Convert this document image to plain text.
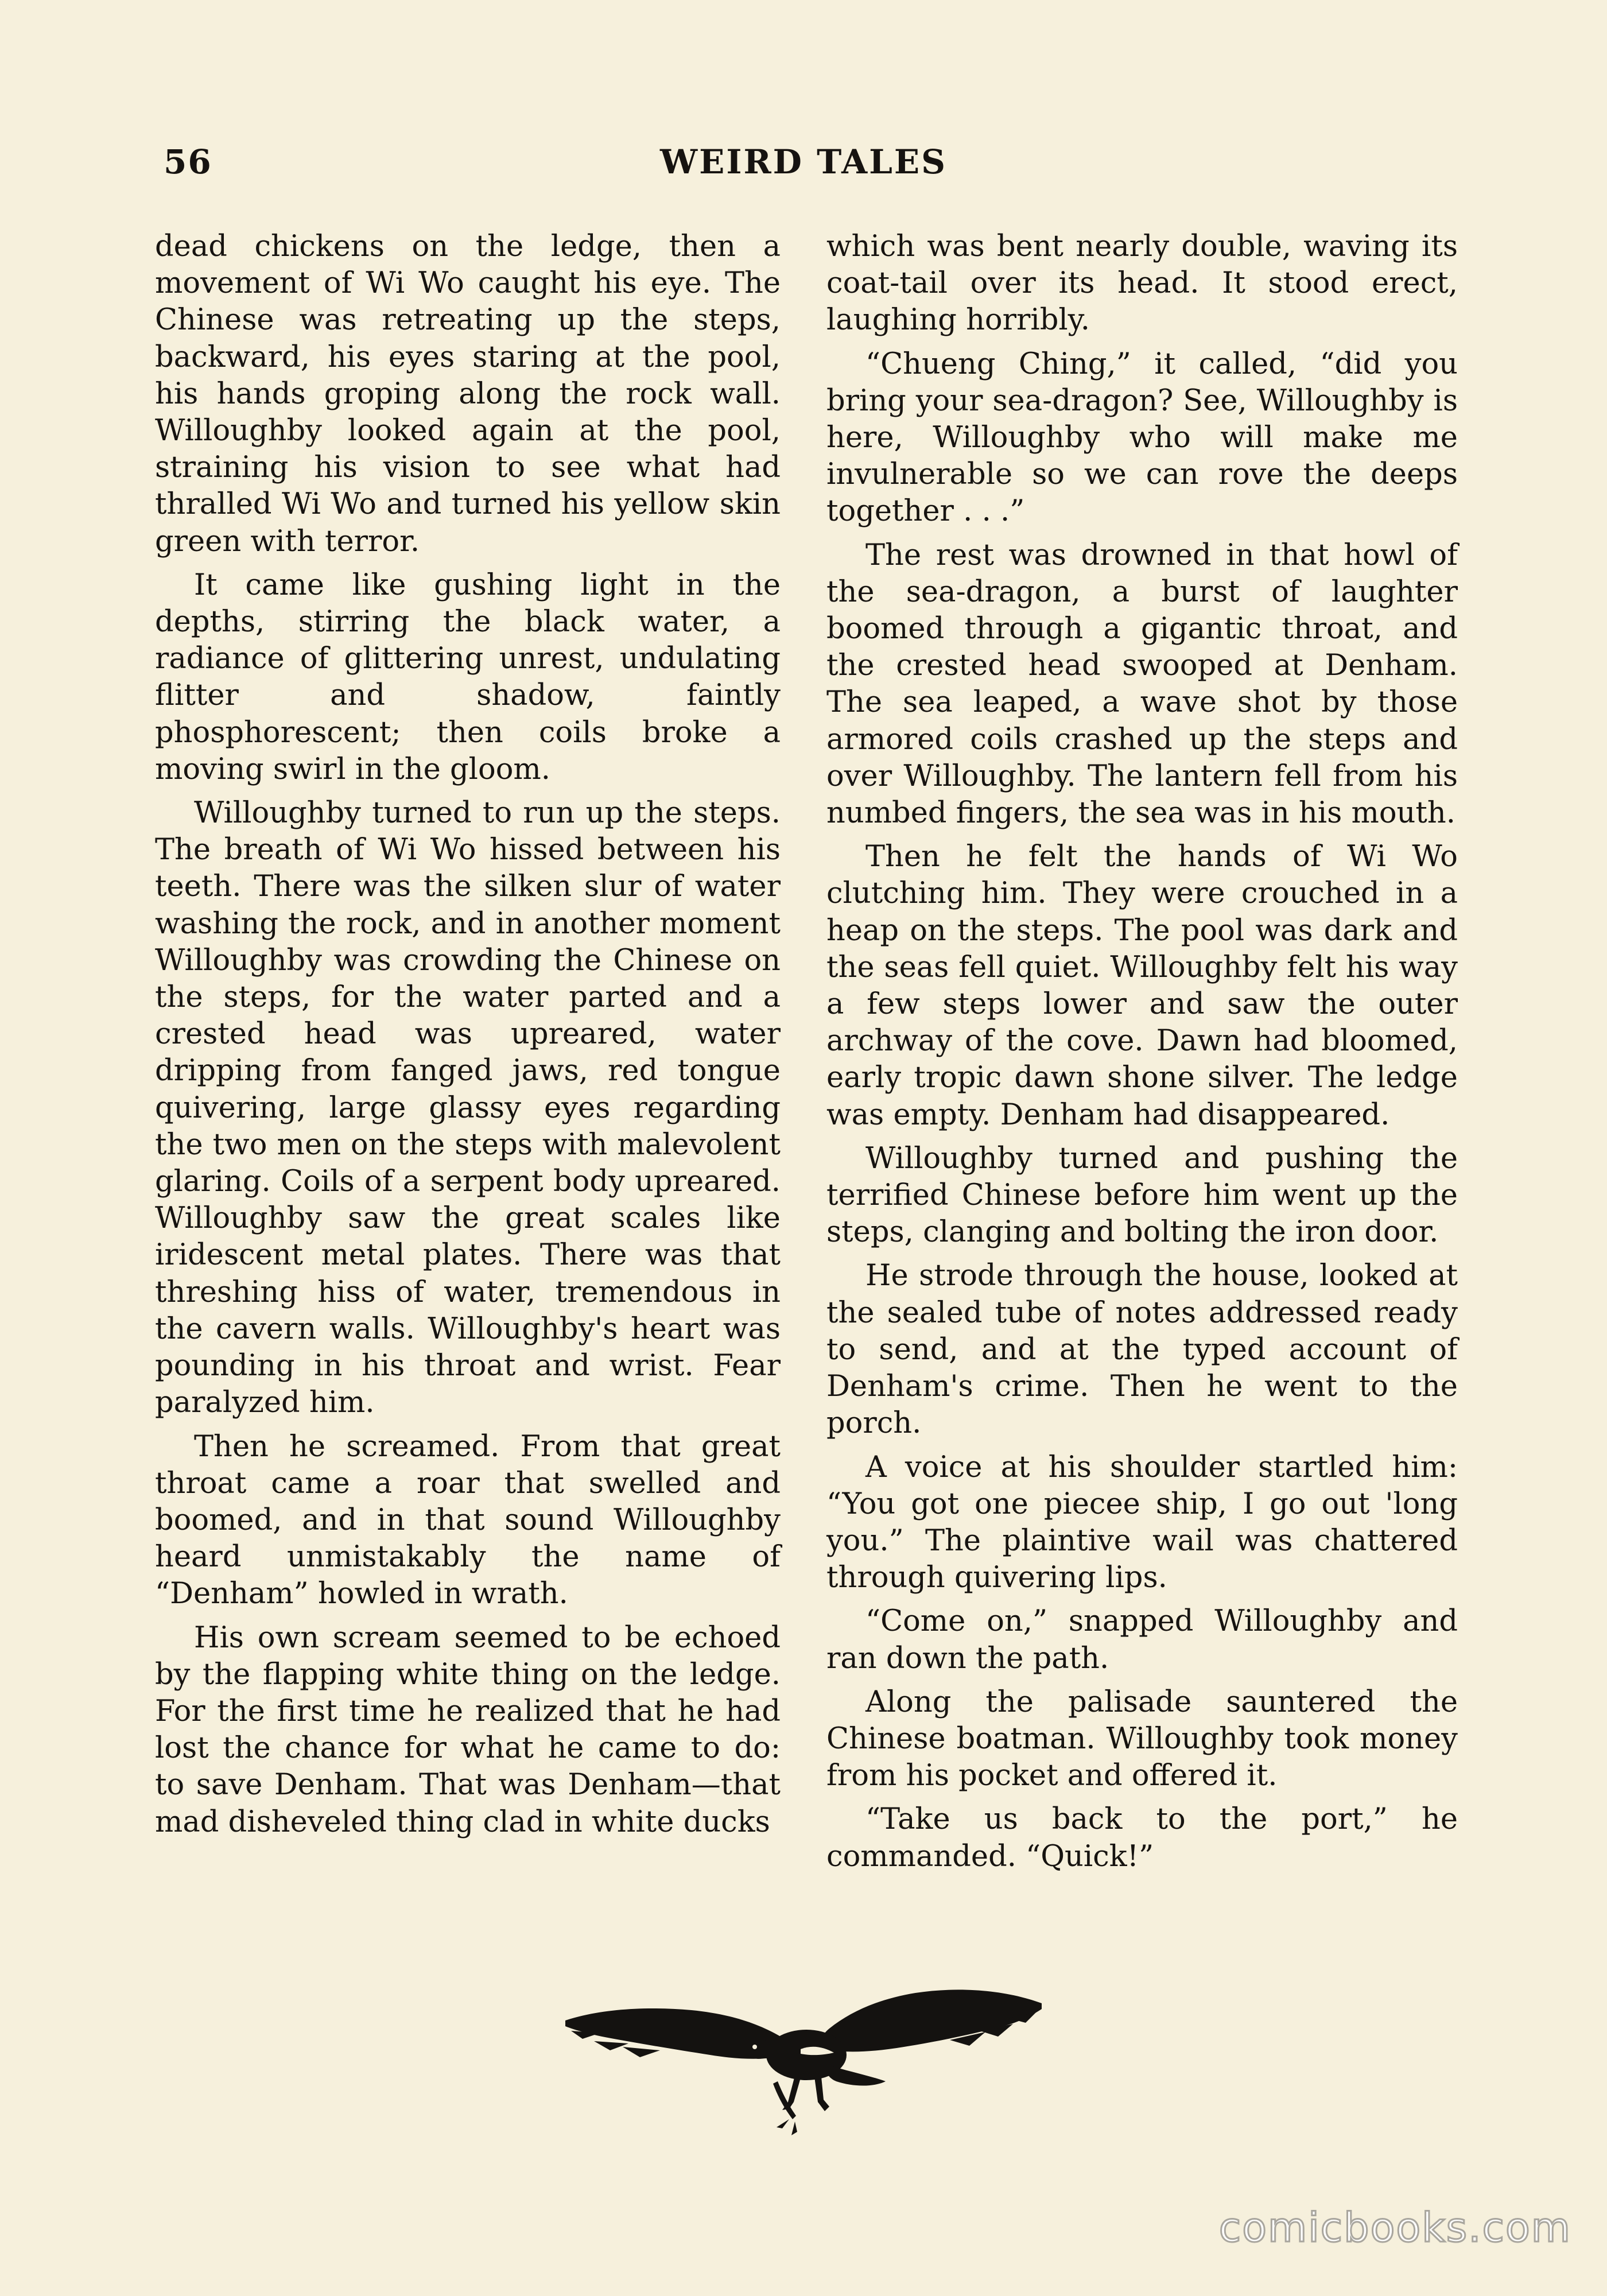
56	WEIRD TALES

dead chickens on the ledge, then a movement of Wi Wo caught his eye. The Chinese was retreating up the steps, backward, his eyes staring at the pool, his hands groping along the rock wall. Willoughby looked again at the pool, straining his vision to see what had thralled Wi Wo and turned his yellow skin green with terror.

It came like gushing light in the depths, stirring the black water, a radiance of glittering unrest, undulating flitter and shadow, faintly phosphorescent; then coils broke a moving swirl in the gloom.

Willoughby turned to run up the steps. The breath of Wi Wo hissed between his teeth. There was the silken slur of water washing the rock, and in another moment Willoughby was crowding the Chinese on the steps, for the water parted and a crested head was upreared, water dripping from fanged jaws, red tongue quivering, large glassy eyes regarding the two men on the steps with malevolent glaring. Coils of a serpent body upreared. Willoughby saw the great scales like iridescent metal plates. There was that threshing hiss of water, tremendous in the cavern walls. Willoughby's heart was pounding in his throat and wrist. Fear paralyzed him.

Then he screamed. From that great throat came a roar that swelled and boomed, and in that sound Willoughby heard unmistakably the name of “Denham” howled in wrath.

His own scream seemed to be echoed by the flapping white thing on the ledge. For the first time he realized that he had lost the chance for what he came to do: to save Denham. That was Denham—that mad disheveled thing clad in white ducks

which was bent nearly double, waving its coat-tail over its head. It stood erect, laughing horribly.

“Chueng Ching,” it called, “did you bring your sea-dragon? See, Willoughby is here, Willoughby who will make me invulnerable so we can rove the deeps together . . .”

The rest was drowned in that howl of the sea-dragon, a burst of laughter boomed through a gigantic throat, and the crested head swooped at Denham. The sea leaped, a wave shot by those armored coils crashed up the steps and over Willoughby. The lantern fell from his numbed fingers, the sea was in his mouth.

Then he felt the hands of Wi Wo clutching him. They were crouched in a heap on the steps. The pool was dark and the seas fell quiet. Willoughby felt his way a few steps lower and saw the outer archway of the cove. Dawn had bloomed, early tropic dawn shone silver. The ledge was empty. Denham had disappeared.

Willoughby turned and pushing the terrified Chinese before him went up the steps, clanging and bolting the iron door.

He strode through the house, looked at the sealed tube of notes addressed ready to send, and at the typed account of Denham's crime. Then he went to the porch.

A voice at his shoulder startled him: “You got one piecee ship, I go out 'long you.” The plaintive wail was chattered through quivering lips.

“Come on,” snapped Willoughby and ran down the path.

Along the palisade sauntered the Chinese boatman. Willoughby took money from his pocket and offered it.

“Take us back to the port,” he commanded. “Quick!”

comicbooks.com
